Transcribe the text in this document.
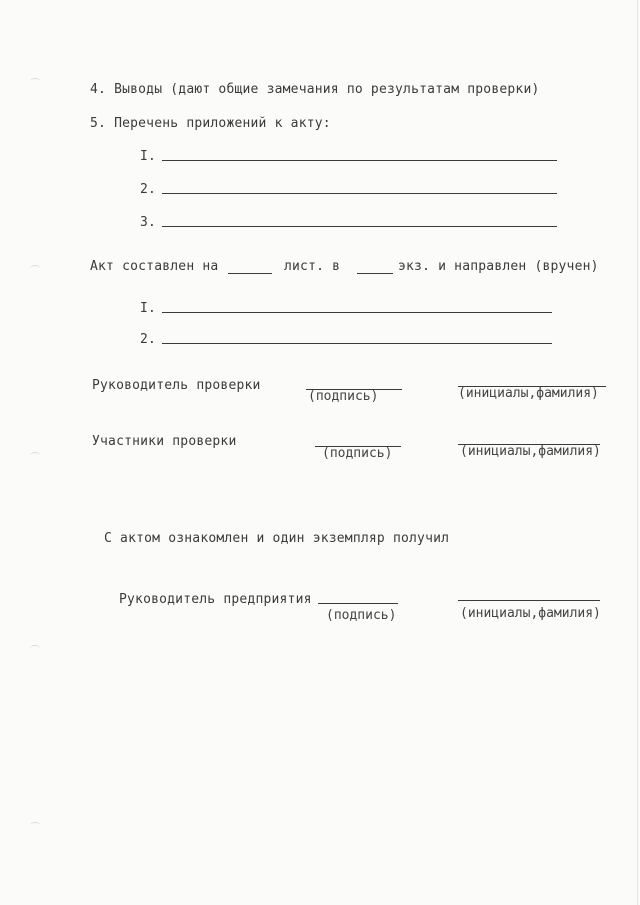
4. Выводы (дают общие замечания по результатам проверки)
5. Перечень приложений к акту:
I.
2.
3.
Акт составлен на	лист. в	экз. и направлен (вручен)
I.
2.
Руководитель проверки
(подпись)	(инициалы,фамилия)
Участники проверки
(подпись)	(инициалы,фамилия)
С актом ознакомлен и один экземпляр получил
Руководитель предприятия
(подпись)	(инициалы,фамилия)
